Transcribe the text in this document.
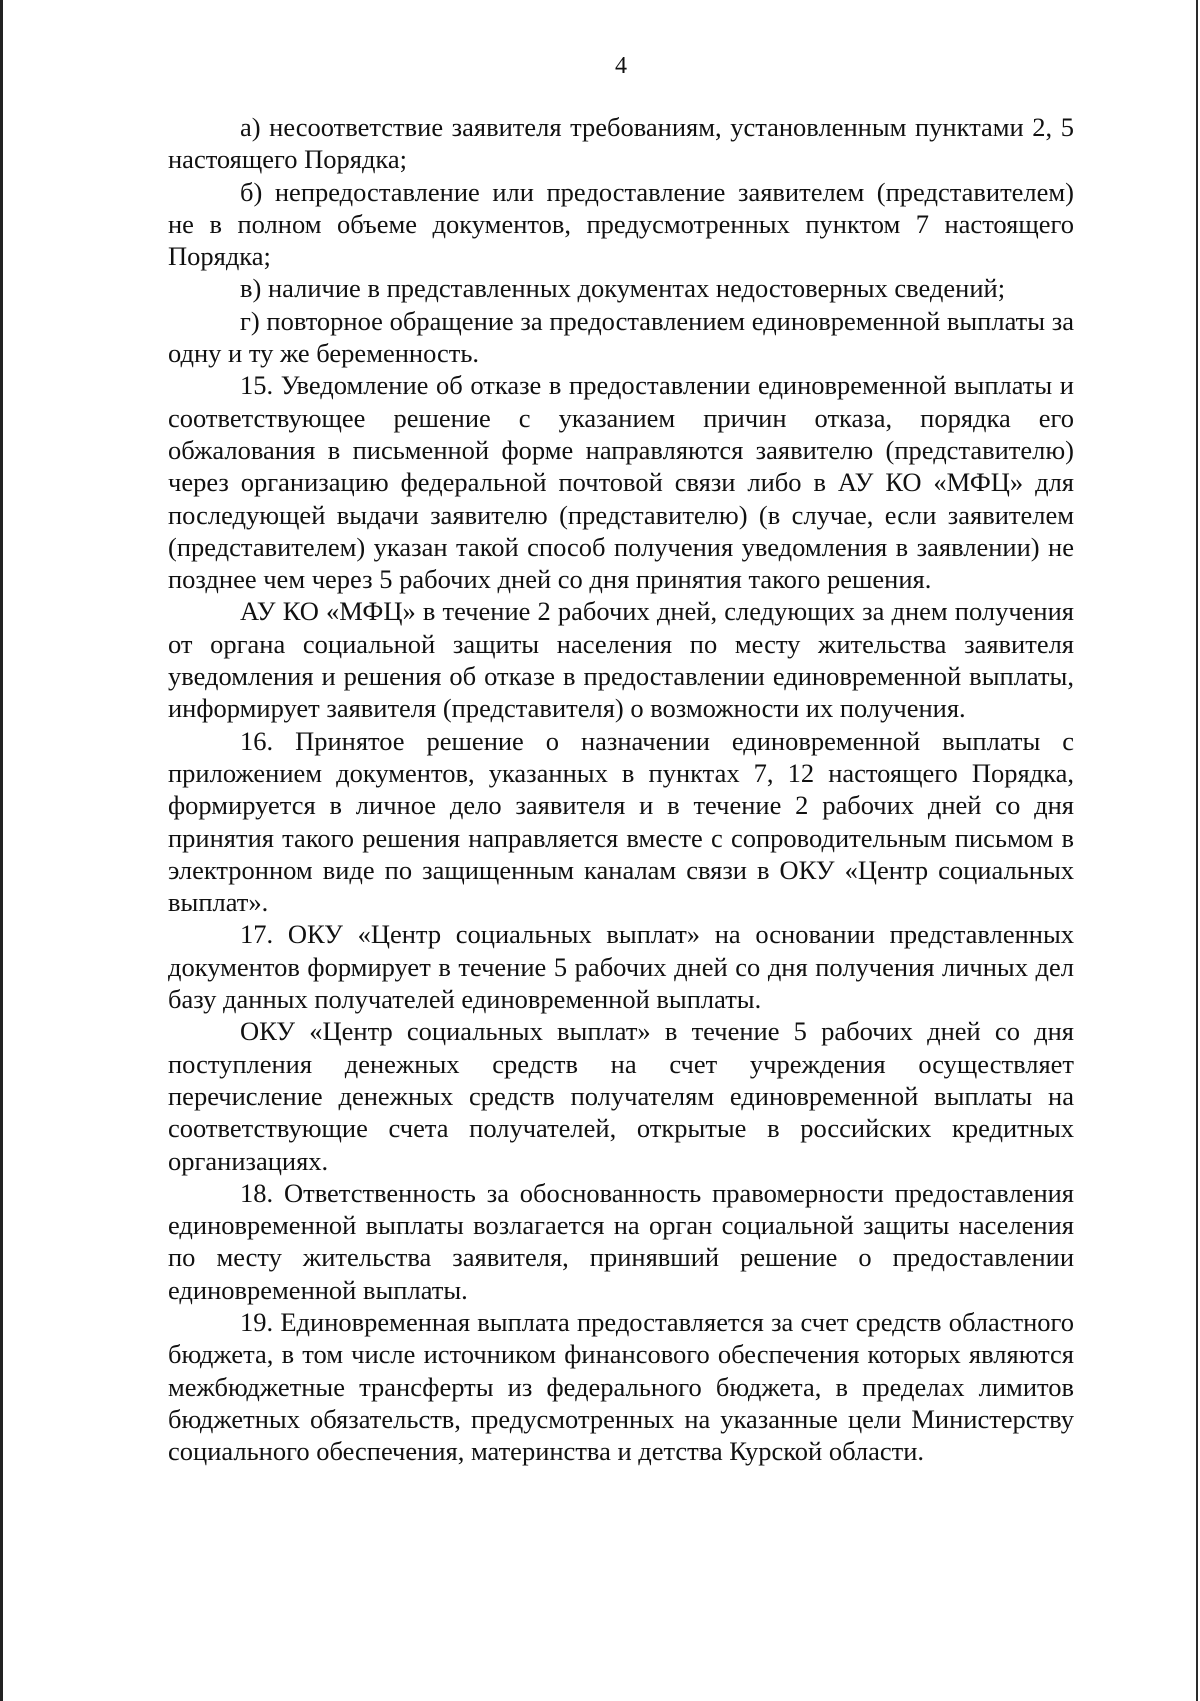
4

а) несоответствие заявителя требованиям, установленным пунктами 2, 5 настоящего Порядка;

б) непредоставление или предоставление заявителем (представителем) не в полном объеме документов, предусмотренных пунктом 7 настоящего Порядка;

в) наличие в представленных документах недостоверных сведений;

г) повторное обращение за предоставлением единовременной выплаты за одну и ту же беременность.

15. Уведомление об отказе в предоставлении единовременной выплаты и соответствующее решение с указанием причин отказа, порядка его обжалования в письменной форме направляются заявителю (представителю) через организацию федеральной почтовой связи либо в АУ КО «МФЦ» для последующей выдачи заявителю (представителю) (в случае, если заявителем (представителем) указан такой способ получения уведомления в заявлении) не позднее чем через 5 рабочих дней со дня принятия такого решения.

АУ КО «МФЦ» в течение 2 рабочих дней, следующих за днем получения от органа социальной защиты населения по месту жительства заявителя уведомления и решения об отказе в предоставлении единовременной выплаты, информирует заявителя (представителя) о возможности их получения.

16. Принятое решение о назначении единовременной выплаты с приложением документов, указанных в пунктах 7, 12 настоящего Порядка, формируется в личное дело заявителя и в течение 2 рабочих дней со дня принятия такого решения направляется вместе с сопроводительным письмом в электронном виде по защищенным каналам связи в ОКУ «Центр социальных выплат».

17. ОКУ «Центр социальных выплат» на основании представленных документов формирует в течение 5 рабочих дней со дня получения личных дел базу данных получателей единовременной выплаты.

ОКУ «Центр социальных выплат» в течение 5 рабочих дней со дня поступления денежных средств на счет учреждения осуществляет перечисление денежных средств получателям единовременной выплаты на соответствующие счета получателей, открытые в российских кредитных организациях.

18. Ответственность за обоснованность правомерности предоставления единовременной выплаты возлагается на орган социальной защиты населения по месту жительства заявителя, принявший решение о предоставлении единовременной выплаты.

19. Единовременная выплата предоставляется за счет средств областного бюджета, в том числе источником финансового обеспечения которых являются межбюджетные трансферты из федерального бюджета, в пределах лимитов бюджетных обязательств, предусмотренных на указанные цели Министерству социального обеспечения, материнства и детства Курской области.
